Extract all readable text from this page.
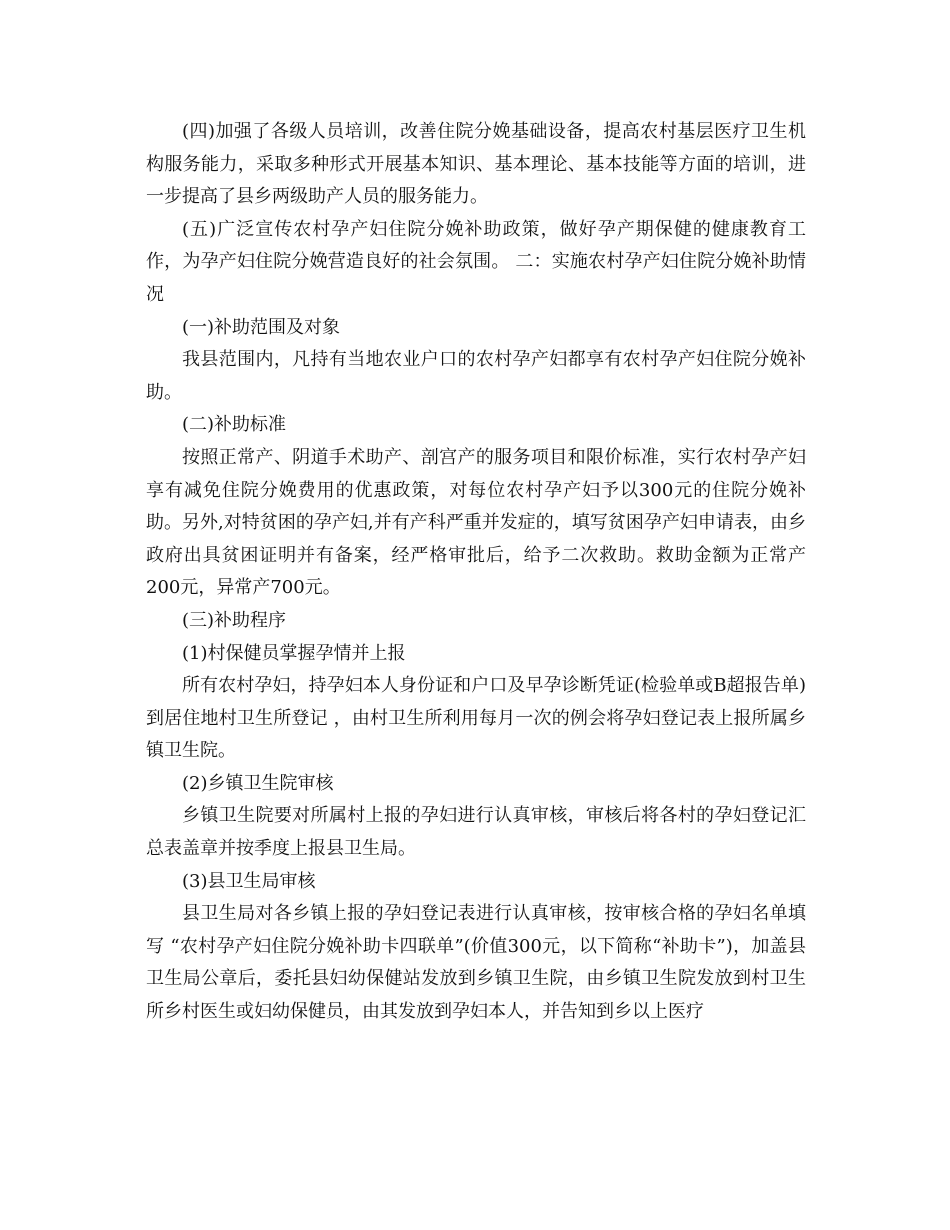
(四)加强了各级人员培训，改善住院分娩基础设备，提高农村基层医疗卫生机构服务能力，采取多种形式开展基本知识、基本理论、基本技能等方面的培训，进一步提高了县乡两级助产人员的服务能力。

(五)广泛宣传农村孕产妇住院分娩补助政策，做好孕产期保健的健康教育工作，为孕产妇住院分娩营造良好的社会氛围。 二：实施农村孕产妇住院分娩补助情况

(一)补助范围及对象

我县范围内，凡持有当地农业户口的农村孕产妇都享有农村孕产妇住院分娩补助。

(二)补助标准

按照正常产、阴道手术助产、剖宫产的服务项目和限价标准，实行农村孕产妇享有减免住院分娩费用的优惠政策，对每位农村孕产妇予以300元的住院分娩补助。另外,对特贫困的孕产妇,并有产科严重并发症的，填写贫困孕产妇申请表，由乡政府出具贫困证明并有备案，经严格审批后，给予二次救助。救助金额为正常产200元，异常产700元。

(三)补助程序

(1)村保健员掌握孕情并上报

所有农村孕妇，持孕妇本人身份证和户口及早孕诊断凭证(检验单或B超报告单)到居住地村卫生所登记 ，由村卫生所利用每月一次的例会将孕妇登记表上报所属乡镇卫生院。

(2)乡镇卫生院审核

乡镇卫生院要对所属村上报的孕妇进行认真审核，审核后将各村的孕妇登记汇总表盖章并按季度上报县卫生局。

(3)县卫生局审核

县卫生局对各乡镇上报的孕妇登记表进行认真审核，按审核合格的孕妇名单填写 “农村孕产妇住院分娩补助卡四联单”(价值300元，以下简称“补助卡”)，加盖县卫生局公章后，委托县妇幼保健站发放到乡镇卫生院，由乡镇卫生院发放到村卫生所乡村医生或妇幼保健员，由其发放到孕妇本人，并告知到乡以上医疗
